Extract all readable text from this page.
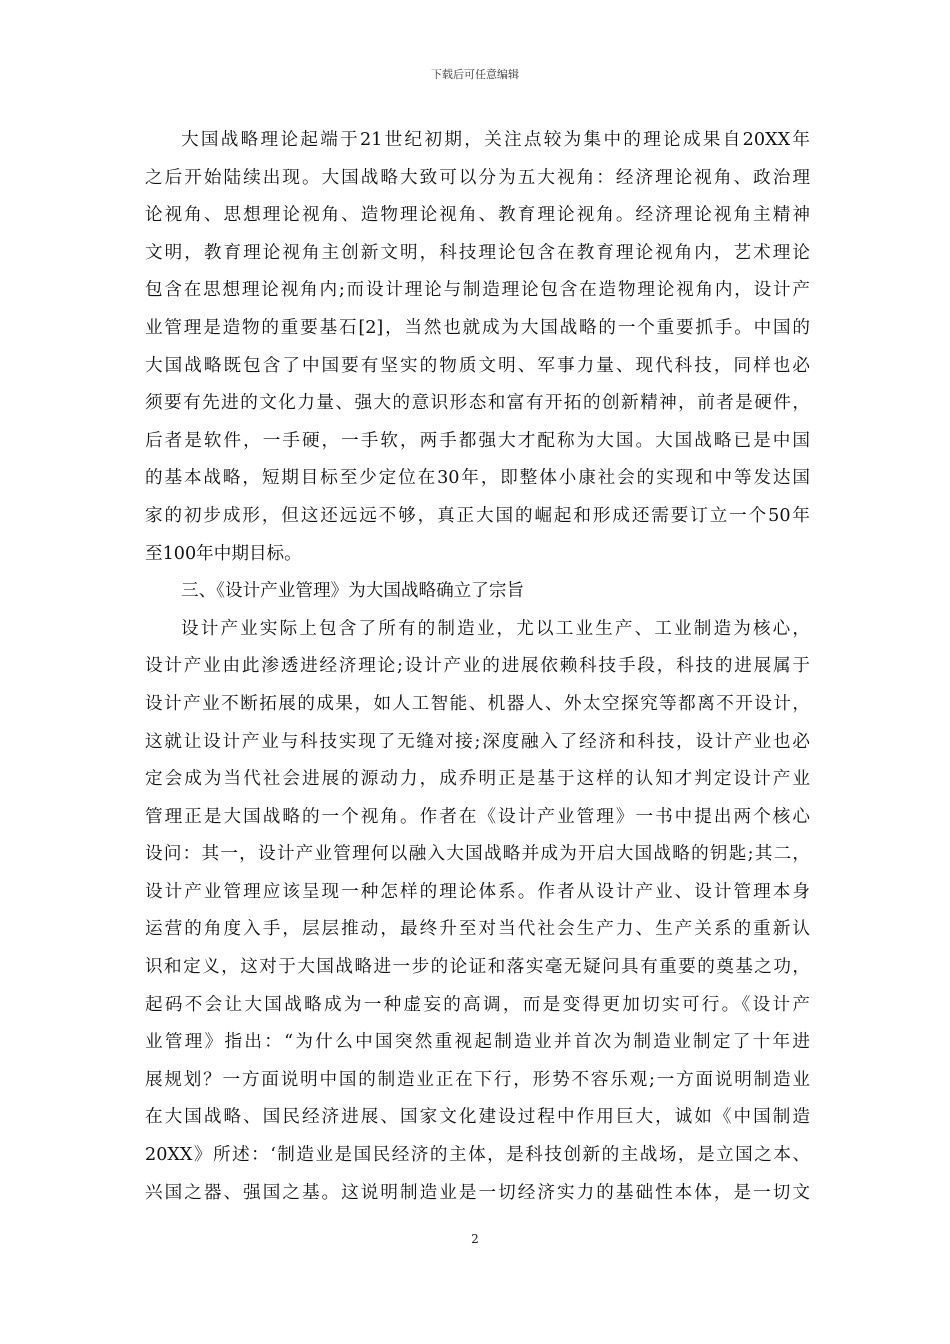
下载后可任意编辑
大国战略理论起端于21世纪初期，关注点较为集中的理论成果自20XX年
之后开始陆续出现。大国战略大致可以分为五大视角：经济理论视角、政治理
论视角、思想理论视角、造物理论视角、教育理论视角。经济理论视角主精神
文明，教育理论视角主创新文明，科技理论包含在教育理论视角内，艺术理论
包含在思想理论视角内;而设计理论与制造理论包含在造物理论视角内，设计产
业管理是造物的重要基石[2]，当然也就成为大国战略的一个重要抓手。中国的
大国战略既包含了中国要有坚实的物质文明、军事力量、现代科技，同样也必
须要有先进的文化力量、强大的意识形态和富有开拓的创新精神，前者是硬件，
后者是软件，一手硬，一手软，两手都强大才配称为大国。大国战略已是中国
的基本战略，短期目标至少定位在30年，即整体小康社会的实现和中等发达国
家的初步成形，但这还远远不够，真正大国的崛起和形成还需要订立一个50年
至100年中期目标。
三、《设计产业管理》为大国战略确立了宗旨
设计产业实际上包含了所有的制造业，尤以工业生产、工业制造为核心，
设计产业由此渗透进经济理论;设计产业的进展依赖科技手段，科技的进展属于
设计产业不断拓展的成果，如人工智能、机器人、外太空探究等都离不开设计，
这就让设计产业与科技实现了无缝对接;深度融入了经济和科技，设计产业也必
定会成为当代社会进展的源动力，成乔明正是基于这样的认知才判定设计产业
管理正是大国战略的一个视角。作者在《设计产业管理》一书中提出两个核心
设问：其一，设计产业管理何以融入大国战略并成为开启大国战略的钥匙;其二，
设计产业管理应该呈现一种怎样的理论体系。作者从设计产业、设计管理本身
运营的角度入手，层层推动，最终升至对当代社会生产力、生产关系的重新认
识和定义，这对于大国战略进一步的论证和落实毫无疑问具有重要的奠基之功，
起码不会让大国战略成为一种虚妄的高调，而是变得更加切实可行。《设计产
业管理》指出：“为什么中国突然重视起制造业并首次为制造业制定了十年进
展规划？一方面说明中国的制造业正在下行，形势不容乐观;一方面说明制造业
在大国战略、国民经济进展、国家文化建设过程中作用巨大，诚如《中国制造
20XX》所述：‘制造业是国民经济的主体，是科技创新的主战场，是立国之本、
兴国之器、强国之基。这说明制造业是一切经济实力的基础性本体，是一切文
2
